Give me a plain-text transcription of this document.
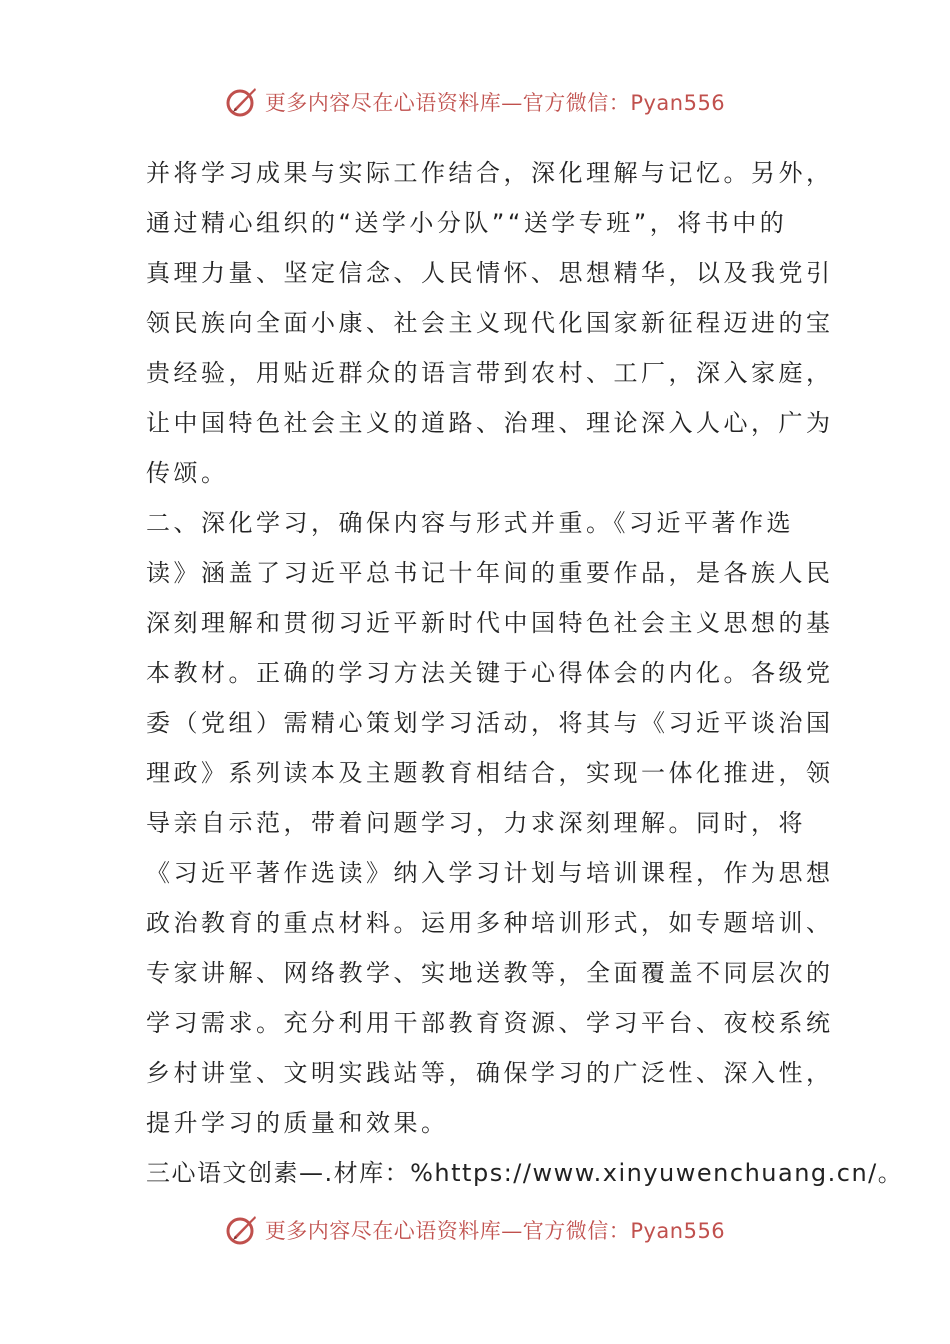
更多内容尽在心语资料库—官方微信：Pyan556
并将学习成果与实际工作结合，深化理解与记忆。另外，
通过精心组织的“送学小分队”“送学专班”，将书中的
真理力量、坚定信念、人民情怀、思想精华，以及我党引
领民族向全面小康、社会主义现代化国家新征程迈进的宝
贵经验，用贴近群众的语言带到农村、工厂，深入家庭，
让中国特色社会主义的道路、治理、理论深入人心，广为
传颂。
二、深化学习，确保内容与形式并重。《习近平著作选
读》涵盖了习近平总书记十年间的重要作品，是各族人民
深刻理解和贯彻习近平新时代中国特色社会主义思想的基
本教材。正确的学习方法关键于心得体会的内化。各级党
委（党组）需精心策划学习活动，将其与《习近平谈治国
理政》系列读本及主题教育相结合，实现一体化推进，领
导亲自示范，带着问题学习，力求深刻理解。同时，将
《习近平著作选读》纳入学习计划与培训课程，作为思想
政治教育的重点材料。运用多种培训形式，如专题培训、
专家讲解、网络教学、实地送教等，全面覆盖不同层次的
学习需求。充分利用干部教育资源、学习平台、夜校系统
乡村讲堂、文明实践站等，确保学习的广泛性、深入性，
提升学习的质量和效果。
三心语文创素—.材库：%https://www.xinyuwenchuang.cn/。
更多内容尽在心语资料库—官方微信：Pyan556
